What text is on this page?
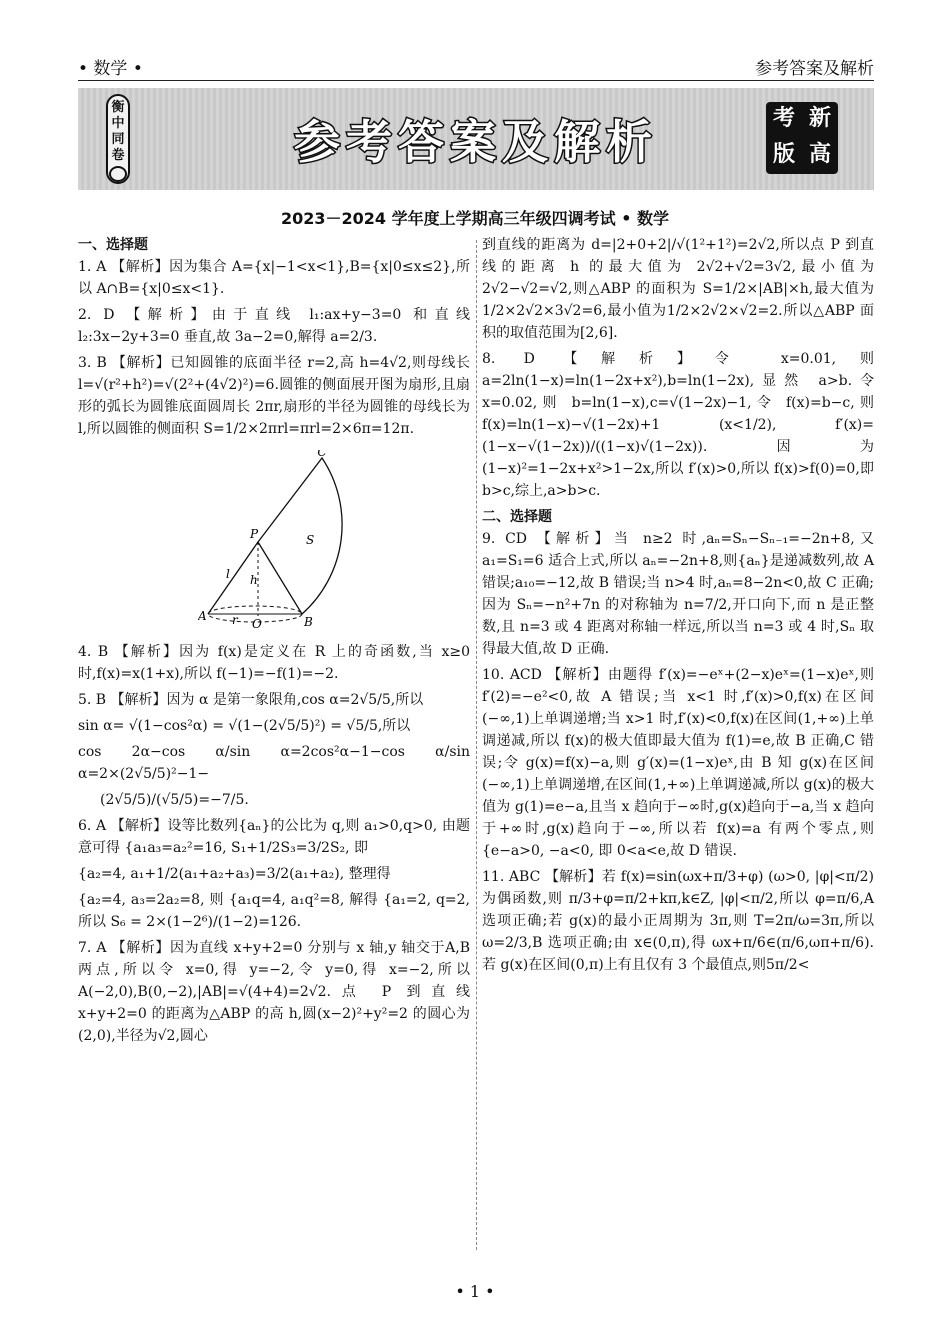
• 数学 •	参考答案及解析
衡
中
同
卷	参考答案及解析	考 新
版 高
2023－2024 学年度上学期高三年级四调考试 • 数学
一、选择题
1. A 【解析】因为集合 A={x|−1<x<1},B={x|0≤x≤2},所以 A∩B={x|0≤x<1}.
2. D 【解析】由于直线 l₁:ax+y−3=0 和直线 l₂:3x−2y+3=0 垂直,故 3a−2=0,解得 a=2/3.
3. B 【解析】已知圆锥的底面半径 r=2,高 h=4√2,则母线长 l=√(r²+h²)=√(2²+(4√2)²)=6.圆锥的侧面展开图为扇形,且扇形的弧长为圆锥底面圆周长 2πr,扇形的半径为圆锥的母线长为 l,所以圆锥的侧面积 S=1/2×2πrl=πrl=2×6π=12π.
C
P	S
l h
A r O	B
4. B 【解析】因为 f(x)是定义在 R 上的奇函数,当 x≥0 时,f(x)=x(1+x),所以 f(−1)=−f(1)=−2.
5. B 【解析】因为 α 是第一象限角,cos α=2√5/5,所以
sin α= √(1−cos²α) = √(1−(2√5/5)²) = √5/5,所以
cos 2α−cos α/sin α=2cos²α−1−cos α/sin α=2×(2√5/5)²−1−
(2√5/5)/(√5/5)=−7/5.
6. A 【解析】设等比数列{aₙ}的公比为 q,则 a₁>0,q>0, 由题意可得 {a₁a₃=a₂²=16, S₁+1/2S₃=3/2S₂, 即
{a₂=4, a₁+1/2(a₁+a₂+a₃)=3/2(a₁+a₂), 整理得
{a₂=4, a₃=2a₂=8, 则 {a₁q=4, a₁q²=8, 解得 {a₁=2, q=2, 所以 S₆ = 2×(1−2⁶)/(1−2)=126.
7. A 【解析】因为直线 x+y+2=0 分别与 x 轴,y 轴交于A,B 两点,所以令 x=0,得 y=−2,令 y=0,得 x=−2,所以 A(−2,0),B(0,−2),|AB|=√(4+4)=2√2.点 P 到直线 x+y+2=0 的距离为△ABP 的高 h,圆(x−2)²+y²=2 的圆心为(2,0),半径为√2,圆心
到直线的距离为 d=|2+0+2|/√(1²+1²)=2√2,所以点 P 到直线的距离 h 的最大值为 2√2+√2=3√2,最小值为 2√2−√2=√2,则△ABP 的面积为 S=1/2×|AB|×h,最大值为1/2×2√2×3√2=6,最小值为1/2×2√2×√2=2.所以△ABP 面积的取值范围为[2,6].
8. D 【解析】令 x=0.01,则 a=2ln(1−x)=ln(1−2x+x²),b=ln(1−2x),显然 a>b.令 x=0.02,则 b=ln(1−x),c=√(1−2x)−1,令 f(x)=b−c,则 f(x)=ln(1−x)−√(1−2x)+1 (x<1/2), f′(x)=(1−x−√(1−2x))/((1−x)√(1−2x)).因为(1−x)²=1−2x+x²>1−2x,所以 f′(x)>0,所以 f(x)>f(0)=0,即 b>c,综上,a>b>c.
二、选择题
9. CD 【解析】当 n≥2 时,aₙ=Sₙ−Sₙ₋₁=−2n+8,又 a₁=S₁=6 适合上式,所以 aₙ=−2n+8,则{aₙ}是递减数列,故 A 错误;a₁₀=−12,故 B 错误;当 n>4 时,aₙ=8−2n<0,故 C 正确;因为 Sₙ=−n²+7n 的对称轴为 n=7/2,开口向下,而 n 是正整数,且 n=3 或 4 距离对称轴一样远,所以当 n=3 或 4 时,Sₙ 取得最大值,故 D 正确.
10. ACD 【解析】由题得 f′(x)=−eˣ+(2−x)eˣ=(1−x)eˣ,则 f′(2)=−e²<0,故 A 错误;当 x<1 时,f′(x)>0,f(x)在区间(−∞,1)上单调递增;当 x>1 时,f′(x)<0,f(x)在区间(1,+∞)上单调递减,所以 f(x)的极大值即最大值为 f(1)=e,故 B 正确,C 错误;令 g(x)=f(x)−a,则 g′(x)=(1−x)eˣ,由 B 知 g(x)在区间(−∞,1)上单调递增,在区间(1,+∞)上单调递减,所以 g(x)的极大值为 g(1)=e−a,且当 x 趋向于−∞时,g(x)趋向于−a,当 x 趋向于+∞时,g(x)趋向于−∞,所以若 f(x)=a 有两个零点,则{e−a>0, −a<0, 即 0<a<e,故 D 错误.
11. ABC 【解析】若 f(x)=sin(ωx+π/3+φ) (ω>0, |φ|<π/2) 为偶函数,则 π/3+φ=π/2+kπ,k∈Z, |φ|<π/2,所以 φ=π/6,A 选项正确;若 g(x)的最小正周期为 3π,则 T=2π/ω=3π,所以 ω=2/3,B 选项正确;由 x∈(0,π),得 ωx+π/6∈(π/6,ωπ+π/6).若 g(x)在区间(0,π)上有且仅有 3 个最值点,则5π/2<
• 1 •
